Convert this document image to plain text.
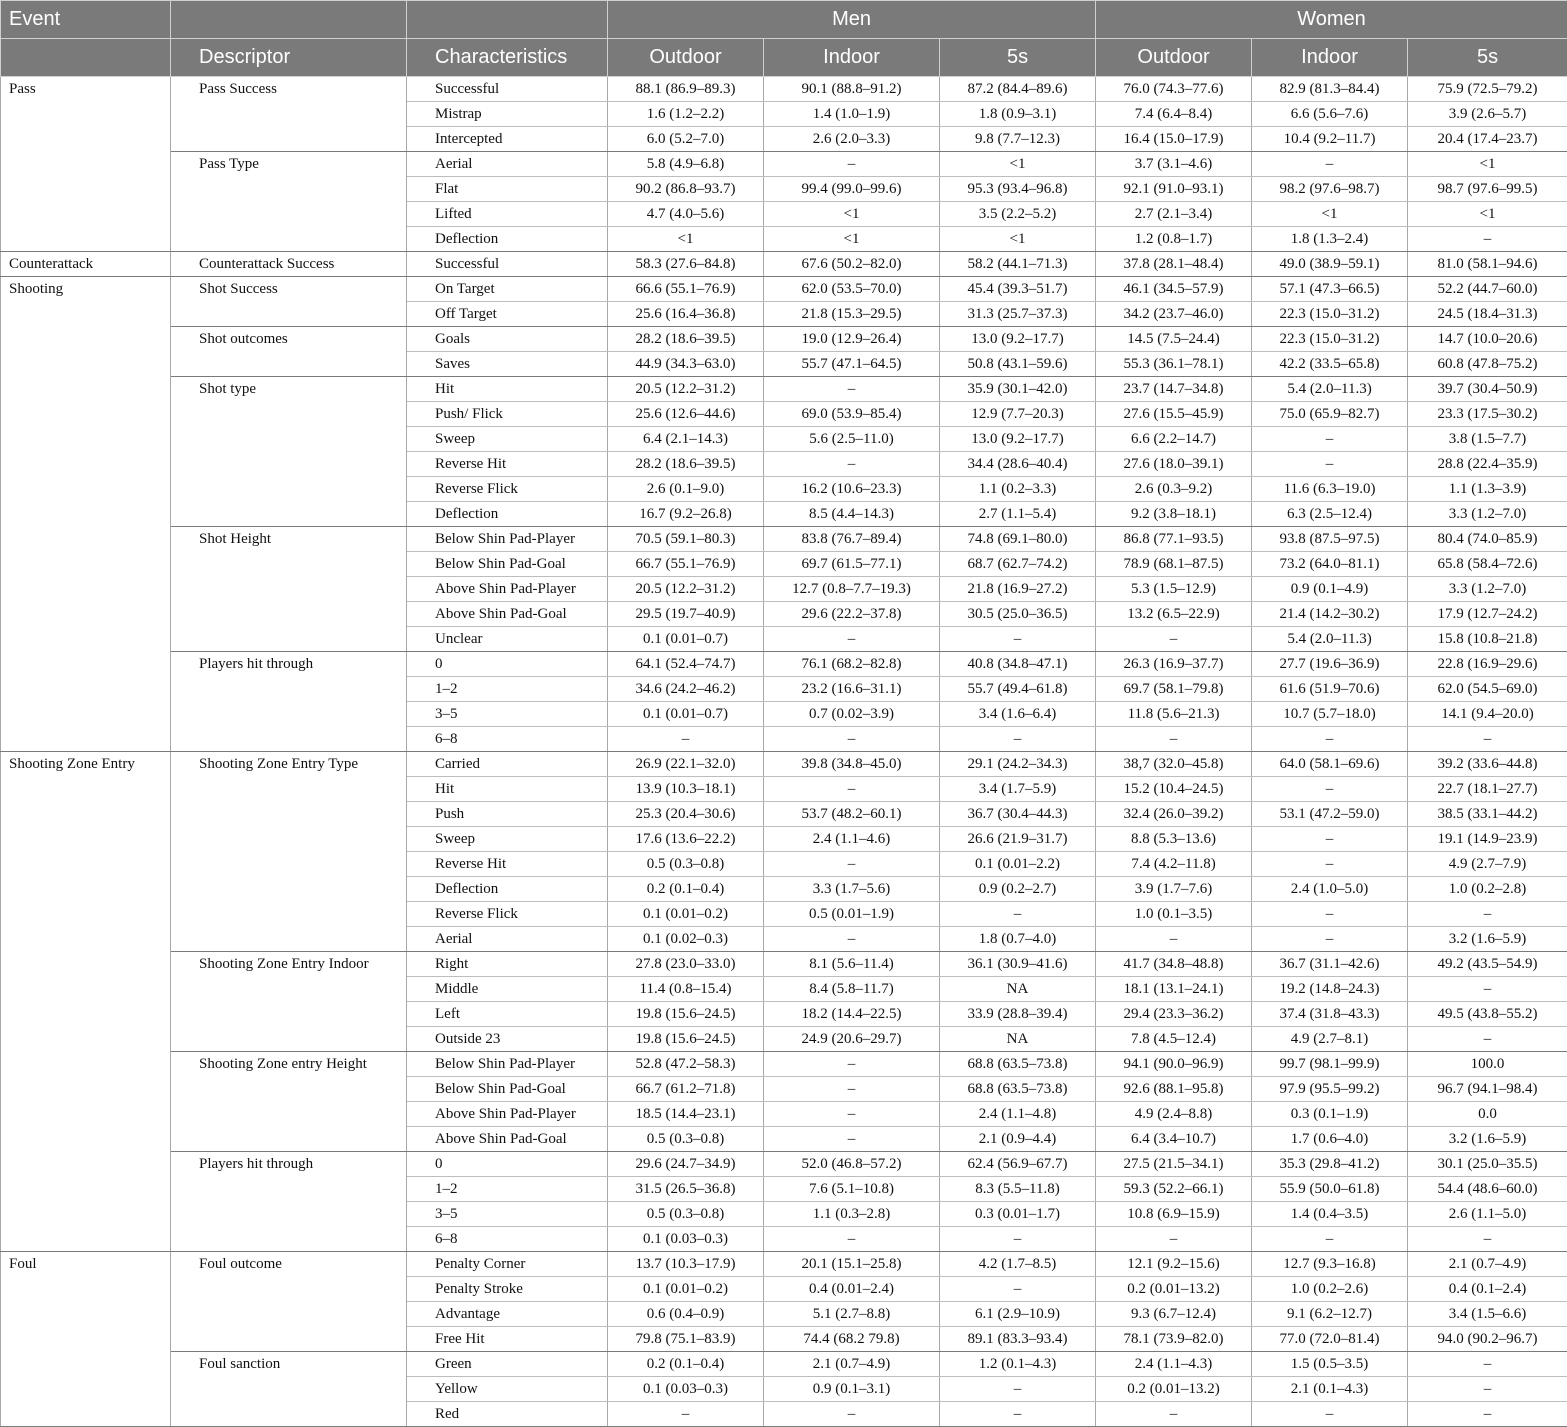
Event			Men			Women		
	Descriptor	Characteristics	Outdoor	Indoor	5s	Outdoor	Indoor	5s
Pass	Pass Success	Successful	88.1 (86.9–89.3)	90.1 (88.8–91.2)	87.2 (84.4–89.6)	76.0 (74.3–77.6)	82.9 (81.3–84.4)	75.9 (72.5–79.2)
		Mistrap	1.6 (1.2–2.2)	1.4 (1.0–1.9)	1.8 (0.9–3.1)	7.4 (6.4–8.4)	6.6 (5.6–7.6)	3.9 (2.6–5.7)
		Intercepted	6.0 (5.2–7.0)	2.6 (2.0–3.3)	9.8 (7.7–12.3)	16.4 (15.0–17.9)	10.4 (9.2–11.7)	20.4 (17.4–23.7)
	Pass Type	Aerial	5.8 (4.9–6.8)	–	<1	3.7 (3.1–4.6)	–	<1
		Flat	90.2 (86.8–93.7)	99.4 (99.0–99.6)	95.3 (93.4–96.8)	92.1 (91.0–93.1)	98.2 (97.6–98.7)	98.7 (97.6–99.5)
		Lifted	4.7 (4.0–5.6)	<1	3.5 (2.2–5.2)	2.7 (2.1–3.4)	<1	<1
		Deflection	<1	<1	<1	1.2 (0.8–1.7)	1.8 (1.3–2.4)	–
Counterattack	Counterattack Success	Successful	58.3 (27.6–84.8)	67.6 (50.2–82.0)	58.2 (44.1–71.3)	37.8 (28.1–48.4)	49.0 (38.9–59.1)	81.0 (58.1–94.6)
Shooting	Shot Success	On Target	66.6 (55.1–76.9)	62.0 (53.5–70.0)	45.4 (39.3–51.7)	46.1 (34.5–57.9)	57.1 (47.3–66.5)	52.2 (44.7–60.0)
		Off Target	25.6 (16.4–36.8)	21.8 (15.3–29.5)	31.3 (25.7–37.3)	34.2 (23.7–46.0)	22.3 (15.0–31.2)	24.5 (18.4–31.3)
	Shot outcomes	Goals	28.2 (18.6–39.5)	19.0 (12.9–26.4)	13.0 (9.2–17.7)	14.5 (7.5–24.4)	22.3 (15.0–31.2)	14.7 (10.0–20.6)
		Saves	44.9 (34.3–63.0)	55.7 (47.1–64.5)	50.8 (43.1–59.6)	55.3 (36.1–78.1)	42.2 (33.5–65.8)	60.8 (47.8–75.2)
	Shot type	Hit	20.5 (12.2–31.2)	–	35.9 (30.1–42.0)	23.7 (14.7–34.8)	5.4 (2.0–11.3)	39.7 (30.4–50.9)
		Push/ Flick	25.6 (12.6–44.6)	69.0 (53.9–85.4)	12.9 (7.7–20.3)	27.6 (15.5–45.9)	75.0 (65.9–82.7)	23.3 (17.5–30.2)
		Sweep	6.4 (2.1–14.3)	5.6 (2.5–11.0)	13.0 (9.2–17.7)	6.6 (2.2–14.7)	–	3.8 (1.5–7.7)
		Reverse Hit	28.2 (18.6–39.5)	–	34.4 (28.6–40.4)	27.6 (18.0–39.1)	–	28.8 (22.4–35.9)
		Reverse Flick	2.6 (0.1–9.0)	16.2 (10.6–23.3)	1.1 (0.2–3.3)	2.6 (0.3–9.2)	11.6 (6.3–19.0)	1.1 (1.3–3.9)
		Deflection	16.7 (9.2–26.8)	8.5 (4.4–14.3)	2.7 (1.1–5.4)	9.2 (3.8–18.1)	6.3 (2.5–12.4)	3.3 (1.2–7.0)
	Shot Height	Below Shin Pad-Player	70.5 (59.1–80.3)	83.8 (76.7–89.4)	74.8 (69.1–80.0)	86.8 (77.1–93.5)	93.8 (87.5–97.5)	80.4 (74.0–85.9)
		Below Shin Pad-Goal	66.7 (55.1–76.9)	69.7 (61.5–77.1)	68.7 (62.7–74.2)	78.9 (68.1–87.5)	73.2 (64.0–81.1)	65.8 (58.4–72.6)
		Above Shin Pad-Player	20.5 (12.2–31.2)	12.7 (0.8–7.7–19.3)	21.8 (16.9–27.2)	5.3 (1.5–12.9)	0.9 (0.1–4.9)	3.3 (1.2–7.0)
		Above Shin Pad-Goal	29.5 (19.7–40.9)	29.6 (22.2–37.8)	30.5 (25.0–36.5)	13.2 (6.5–22.9)	21.4 (14.2–30.2)	17.9 (12.7–24.2)
		Unclear	0.1 (0.01–0.7)	–	–	–	5.4 (2.0–11.3)	15.8 (10.8–21.8)
	Players hit through	0	64.1 (52.4–74.7)	76.1 (68.2–82.8)	40.8 (34.8–47.1)	26.3 (16.9–37.7)	27.7 (19.6–36.9)	22.8 (16.9–29.6)
		1–2	34.6 (24.2–46.2)	23.2 (16.6–31.1)	55.7 (49.4–61.8)	69.7 (58.1–79.8)	61.6 (51.9–70.6)	62.0 (54.5–69.0)
		3–5	0.1 (0.01–0.7)	0.7 (0.02–3.9)	3.4 (1.6–6.4)	11.8 (5.6–21.3)	10.7 (5.7–18.0)	14.1 (9.4–20.0)
		6–8	–	–	–	–	–	–
Shooting Zone Entry	Shooting Zone Entry Type	Carried	26.9 (22.1–32.0)	39.8 (34.8–45.0)	29.1 (24.2–34.3)	38,7 (32.0–45.8)	64.0 (58.1–69.6)	39.2 (33.6–44.8)
		Hit	13.9 (10.3–18.1)	–	3.4 (1.7–5.9)	15.2 (10.4–24.5)	–	22.7 (18.1–27.7)
		Push	25.3 (20.4–30.6)	53.7 (48.2–60.1)	36.7 (30.4–44.3)	32.4 (26.0–39.2)	53.1 (47.2–59.0)	38.5 (33.1–44.2)
		Sweep	17.6 (13.6–22.2)	2.4 (1.1–4.6)	26.6 (21.9–31.7)	8.8 (5.3–13.6)	–	19.1 (14.9–23.9)
		Reverse Hit	0.5 (0.3–0.8)	–	0.1 (0.01–2.2)	7.4 (4.2–11.8)	–	4.9 (2.7–7.9)
		Deflection	0.2 (0.1–0.4)	3.3 (1.7–5.6)	0.9 (0.2–2.7)	3.9 (1.7–7.6)	2.4 (1.0–5.0)	1.0 (0.2–2.8)
		Reverse Flick	0.1 (0.01–0.2)	0.5 (0.01–1.9)	–	1.0 (0.1–3.5)	–	–
		Aerial	0.1 (0.02–0.3)	–	1.8 (0.7–4.0)	–	–	3.2 (1.6–5.9)
	Shooting Zone Entry Indoor	Right	27.8 (23.0–33.0)	8.1 (5.6–11.4)	36.1 (30.9–41.6)	41.7 (34.8–48.8)	36.7 (31.1–42.6)	49.2 (43.5–54.9)
		Middle	11.4 (0.8–15.4)	8.4 (5.8–11.7)	NA	18.1 (13.1–24.1)	19.2 (14.8–24.3)	–
		Left	19.8 (15.6–24.5)	18.2 (14.4–22.5)	33.9 (28.8–39.4)	29.4 (23.3–36.2)	37.4 (31.8–43.3)	49.5 (43.8–55.2)
		Outside 23	19.8 (15.6–24.5)	24.9 (20.6–29.7)	NA	7.8 (4.5–12.4)	4.9 (2.7–8.1)	–
	Shooting Zone entry Height	Below Shin Pad-Player	52.8 (47.2–58.3)	–	68.8 (63.5–73.8)	94.1 (90.0–96.9)	99.7 (98.1–99.9)	100.0
		Below Shin Pad-Goal	66.7 (61.2–71.8)	–	68.8 (63.5–73.8)	92.6 (88.1–95.8)	97.9 (95.5–99.2)	96.7 (94.1–98.4)
		Above Shin Pad-Player	18.5 (14.4–23.1)	–	2.4 (1.1–4.8)	4.9 (2.4–8.8)	0.3 (0.1–1.9)	0.0
		Above Shin Pad-Goal	0.5 (0.3–0.8)	–	2.1 (0.9–4.4)	6.4 (3.4–10.7)	1.7 (0.6–4.0)	3.2 (1.6–5.9)
	Players hit through	0	29.6 (24.7–34.9)	52.0 (46.8–57.2)	62.4 (56.9–67.7)	27.5 (21.5–34.1)	35.3 (29.8–41.2)	30.1 (25.0–35.5)
		1–2	31.5 (26.5–36.8)	7.6 (5.1–10.8)	8.3 (5.5–11.8)	59.3 (52.2–66.1)	55.9 (50.0–61.8)	54.4 (48.6–60.0)
		3–5	0.5 (0.3–0.8)	1.1 (0.3–2.8)	0.3 (0.01–1.7)	10.8 (6.9–15.9)	1.4 (0.4–3.5)	2.6 (1.1–5.0)
		6–8	0.1 (0.03–0.3)	–	–	–	–	–
Foul	Foul outcome	Penalty Corner	13.7 (10.3–17.9)	20.1 (15.1–25.8)	4.2 (1.7–8.5)	12.1 (9.2–15.6)	12.7 (9.3–16.8)	2.1 (0.7–4.9)
		Penalty Stroke	0.1 (0.01–0.2)	0.4 (0.01–2.4)	–	0.2 (0.01–13.2)	1.0 (0.2–2.6)	0.4 (0.1–2.4)
		Advantage	0.6 (0.4–0.9)	5.1 (2.7–8.8)	6.1 (2.9–10.9)	9.3 (6.7–12.4)	9.1 (6.2–12.7)	3.4 (1.5–6.6)
		Free Hit	79.8 (75.1–83.9)	74.4 (68.2 79.8)	89.1 (83.3–93.4)	78.1 (73.9–82.0)	77.0 (72.0–81.4)	94.0 (90.2–96.7)
	Foul sanction	Green	0.2 (0.1–0.4)	2.1 (0.7–4.9)	1.2 (0.1–4.3)	2.4 (1.1–4.3)	1.5 (0.5–3.5)	–
		Yellow	0.1 (0.03–0.3)	0.9 (0.1–3.1)	–	0.2 (0.01–13.2)	2.1 (0.1–4.3)	–
		Red	–	–	–	–	–	–
